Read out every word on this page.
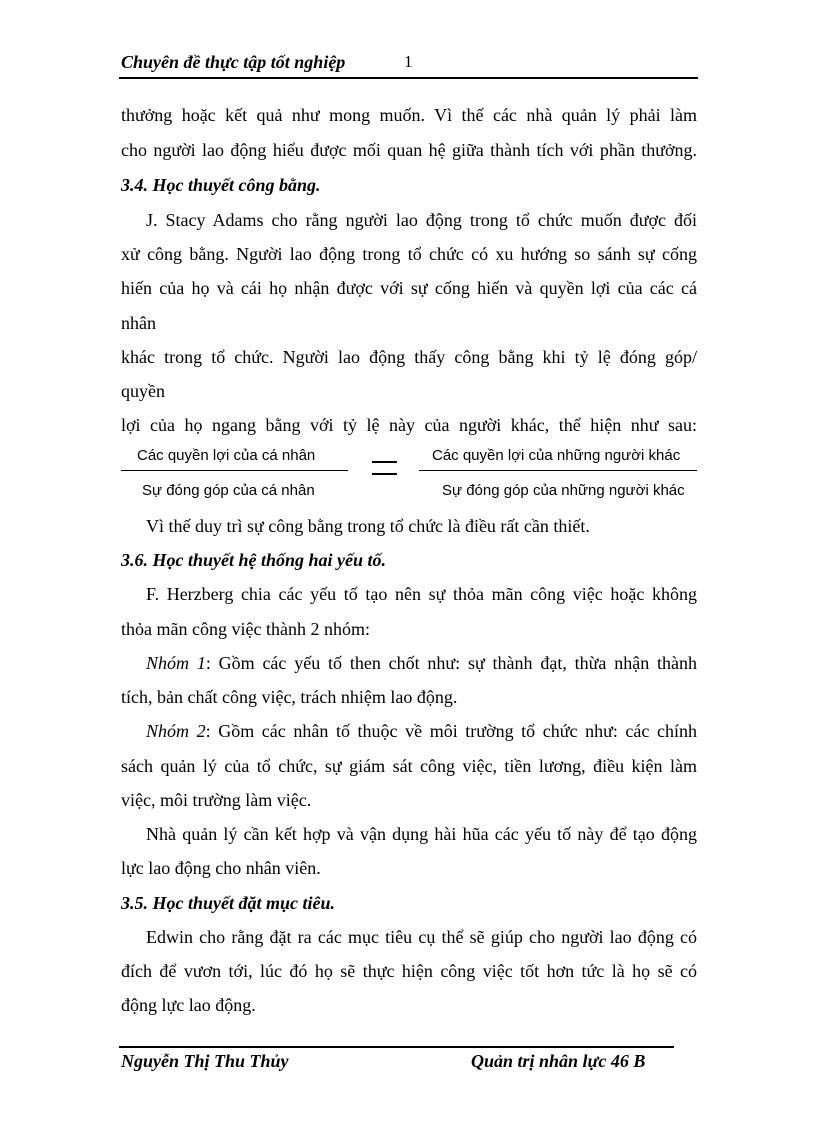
Chuyên đề thực tập tốt nghiệp	1
thưởng hoặc kết quả như mong muốn. Vì thế các nhà quản lý phải làm
cho người lao động hiểu được mối quan hệ giữa thành tích với phần thưởng.
3.4. Học thuyết công bằng.
J. Stacy Adams cho rằng người lao động trong tổ chức muốn được đối
xử công bằng. Người lao động trong tổ chức có xu hướng so sánh sự cống
hiến của họ và cái họ nhận được với sự cống hiến và quyền lợi của các cá
nhân
khác trong tổ chức. Người lao động thấy công bằng khi tỷ lệ đóng góp/
quyền
lợi của họ ngang bằng với tỷ lệ này của người khác, thể hiện như sau:
Các quyền lợi của cá nhân
Sự đóng góp của cá nhân
Các quyền lợi của những người khác
Sự đóng góp của những người khác
Vì thế duy trì sự công bằng trong tổ chức là điều rất cần thiết.
3.6. Học thuyết hệ thống hai yếu tố.
F. Herzberg chia các yếu tố tạo nên sự thỏa mãn công việc hoặc không
thỏa mãn công việc thành 2 nhóm:
Nhóm 1: Gồm các yếu tố then chốt như: sự thành đạt, thừa nhận thành
tích, bản chất công việc, trách nhiệm lao động.
Nhóm 2: Gồm các nhân tố thuộc về môi trường tổ chức như: các chính
sách quản lý của tổ chức, sự giám sát công việc, tiền lương, điều kiện làm
việc, môi trường làm việc.
Nhà quản lý cần kết hợp và vận dụng hài hũa các yếu tố này để tạo động
lực lao động cho nhân viên.
3.5. Học thuyết đặt mục tiêu.
Edwin cho rằng đặt ra các mục tiêu cụ thể sẽ giúp cho người lao động có
đích để vươn tới, lúc đó họ sẽ thực hiện công việc tốt hơn tức là họ sẽ có
động lực lao động.
Nguyễn Thị Thu Thủy	Quản trị nhân lực 46 B
